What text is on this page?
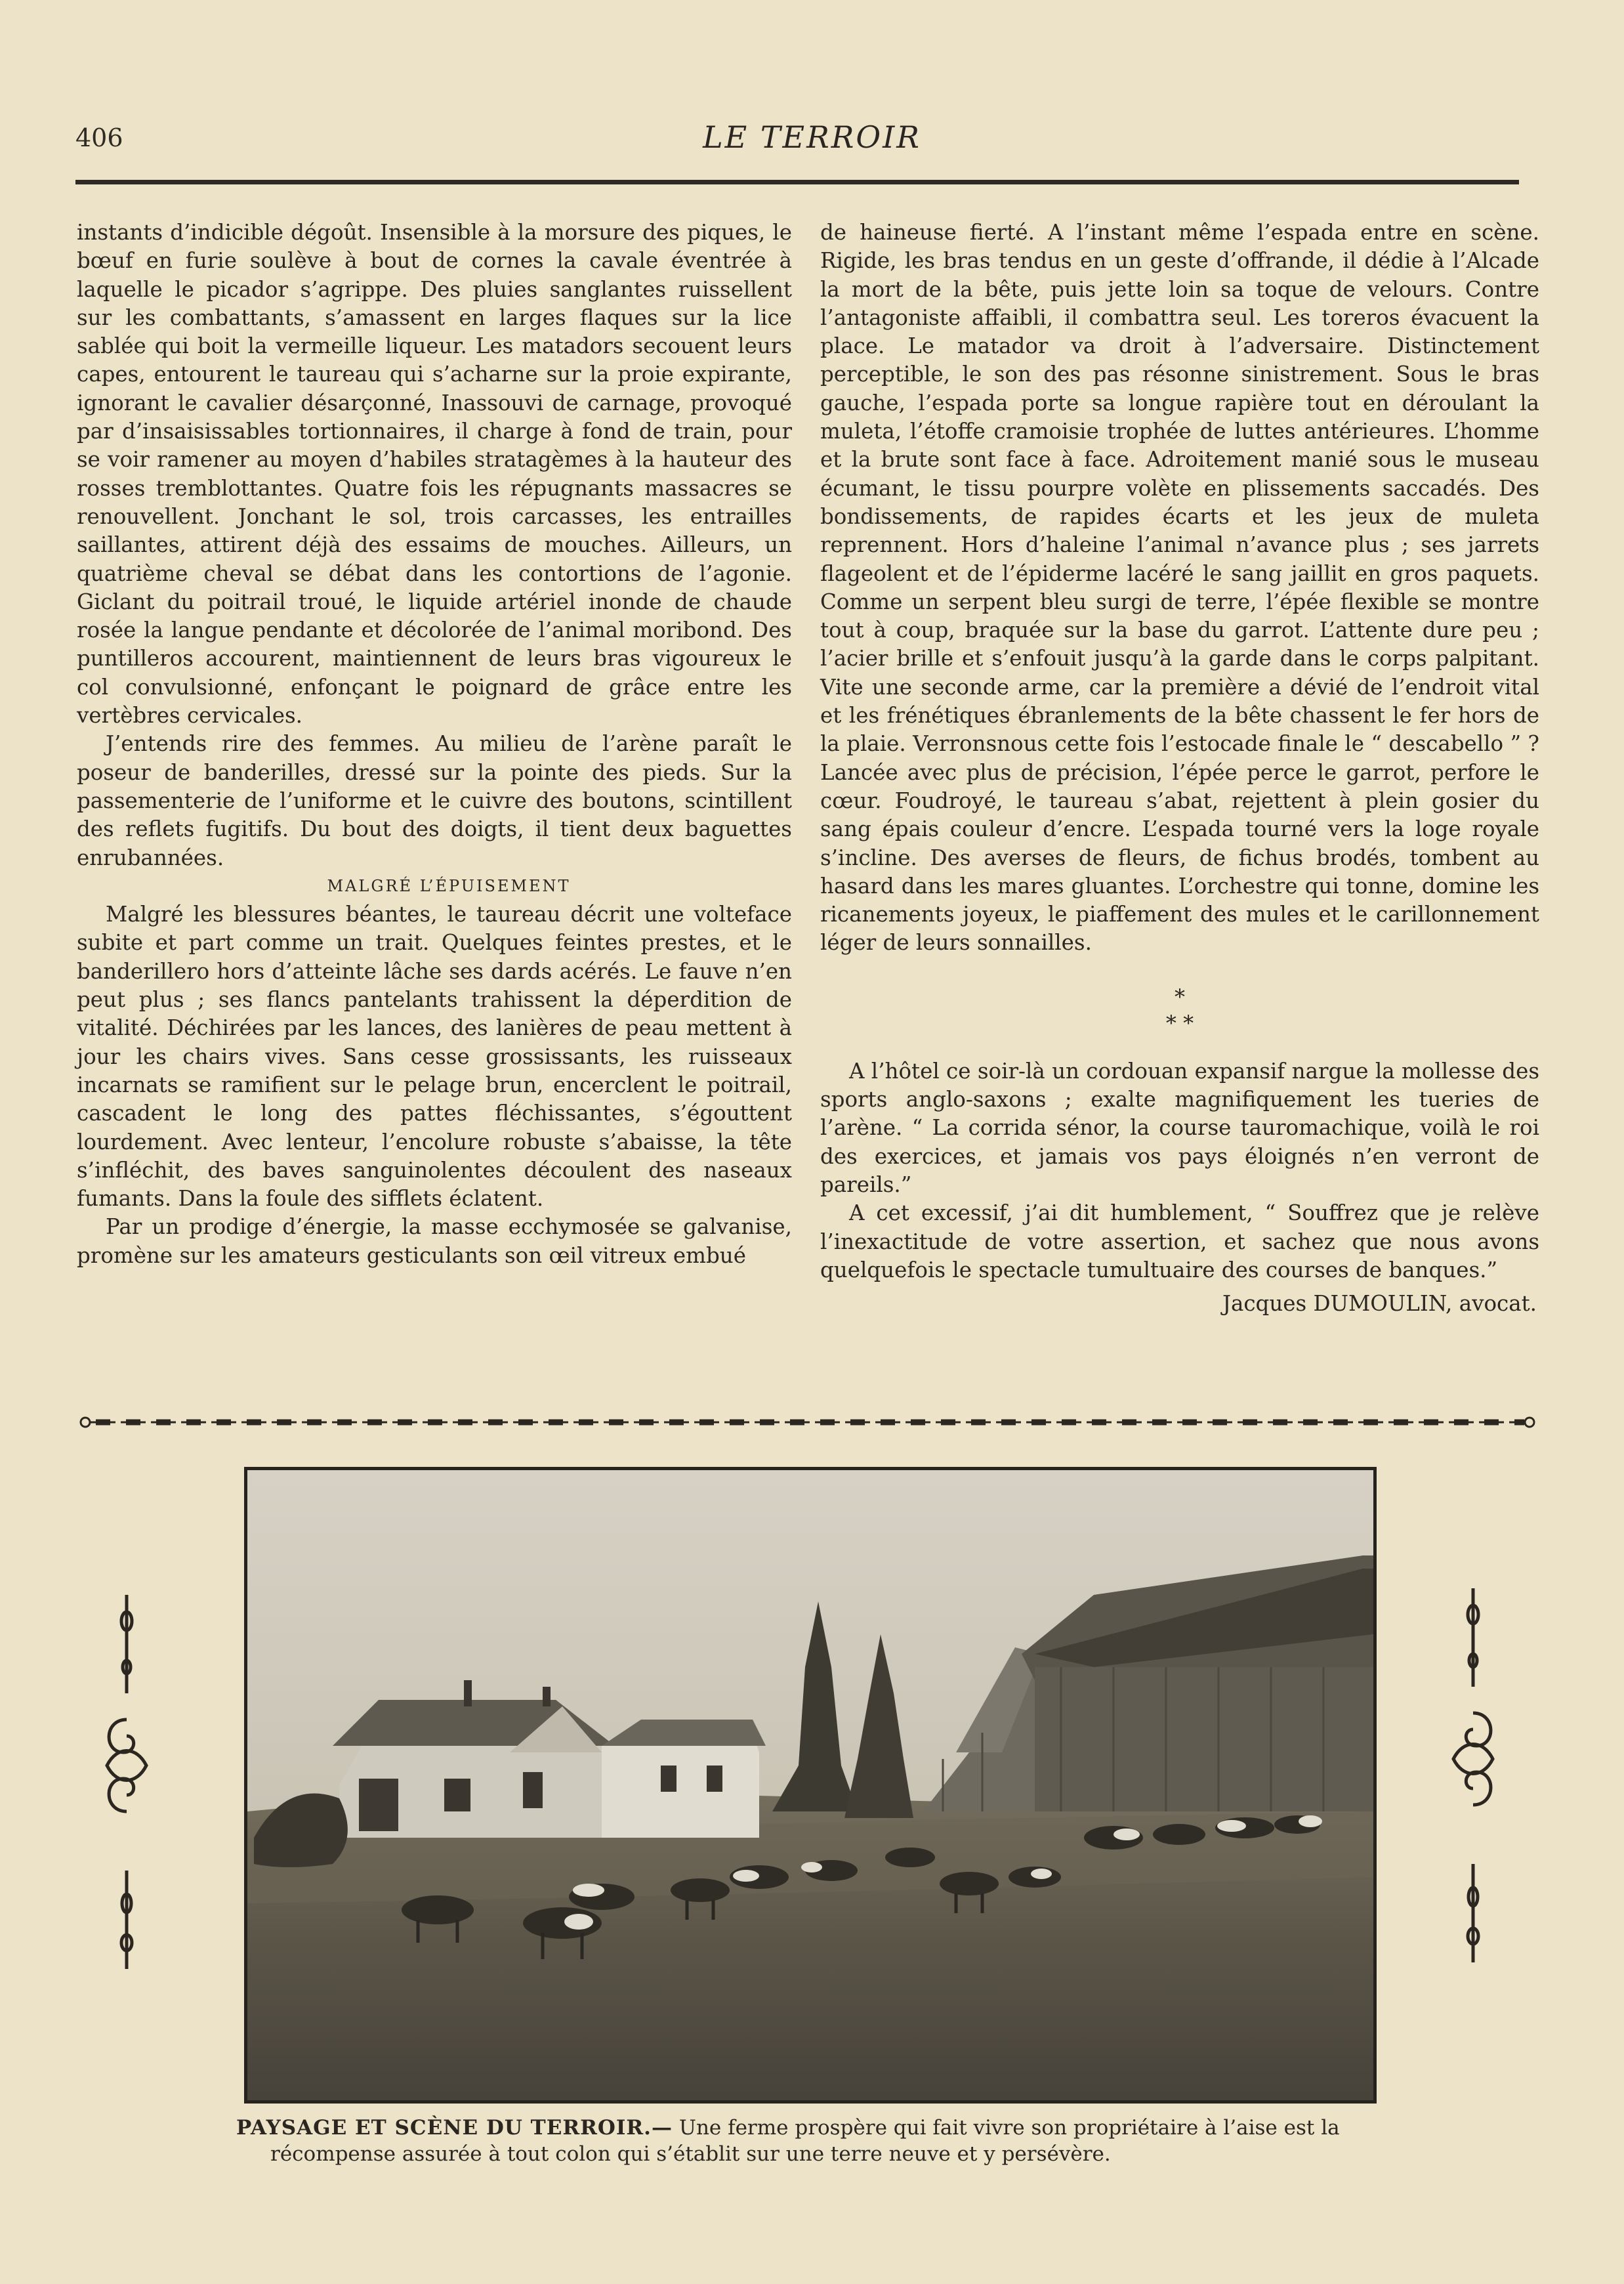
406	LE TERROIR

instants d’indicible dégoût. Insensible à la morsure des piques, le bœuf en furie soulève à bout de cornes la cavale éventrée à laquelle le picador s’agrippe. Des pluies sanglantes ruissellent sur les combattants, s’amassent en larges flaques sur la lice sablée qui boit la vermeille liqueur. Les matadors secouent leurs capes, entourent le taureau qui s’acharne sur la proie expirante, ignorant le cavalier désarçonné, Inassouvi de carnage, provoqué par d’insaisissables tortionnaires, il charge à fond de train, pour se voir ramener au moyen d’habiles stratagèmes à la hauteur des rosses tremblottantes. Quatre fois les répugnants massacres se renouvellent. Jonchant le sol, trois carcasses, les entrailles saillantes, attirent déjà des essaims de mouches. Ailleurs, un quatrième cheval se débat dans les contortions de l’agonie. Giclant du poitrail troué, le liquide artériel inonde de chaude rosée la langue pendante et décolorée de l’animal moribond. Des puntilleros accourent, maintiennent de leurs bras vigoureux le col convulsionné, enfonçant le poignard de grâce entre les vertèbres cervicales.

J’entends rire des femmes. Au milieu de l’arène paraît le poseur de banderilles, dressé sur la pointe des pieds. Sur la passementerie de l’uniforme et le cuivre des boutons, scintillent des reflets fugitifs. Du bout des doigts, il tient deux baguettes enrubannées.

MALGRÉ L’ÉPUISEMENT

Malgré les blessures béantes, le taureau décrit une volteface subite et part comme un trait. Quelques feintes prestes, et le banderillero hors d’atteinte lâche ses dards acérés. Le fauve n’en peut plus ; ses flancs pantelants trahissent la déperdition de vitalité. Déchirées par les lances, des lanières de peau mettent à jour les chairs vives. Sans cesse grossissants, les ruisseaux incarnats se ramifient sur le pelage brun, encerclent le poitrail, cascadent le long des pattes fléchissantes, s’égouttent lourdement. Avec lenteur, l’encolure robuste s’abaisse, la tête s’infléchit, des baves sanguinolentes découlent des naseaux fumants. Dans la foule des sifflets éclatent.

Par un prodige d’énergie, la masse ecchymosée se galvanise, promène sur les amateurs gesticulants son œil vitreux embué

de haineuse fierté. A l’instant même l’espada entre en scène. Rigide, les bras tendus en un geste d’offrande, il dédie à l’Alcade la mort de la bête, puis jette loin sa toque de velours. Contre l’antagoniste affaibli, il combattra seul. Les toreros évacuent la place. Le matador va droit à l’adversaire. Distinctement perceptible, le son des pas résonne sinistrement. Sous le bras gauche, l’espada porte sa longue rapière tout en déroulant la muleta, l’étoffe cramoisie trophée de luttes antérieures. L’homme et la brute sont face à face. Adroitement manié sous le museau écumant, le tissu pourpre volète en plissements saccadés. Des bondissements, de rapides écarts et les jeux de muleta reprennent. Hors d’haleine l’animal n’avance plus ; ses jarrets flageolent et de l’épiderme lacéré le sang jaillit en gros paquets. Comme un serpent bleu surgi de terre, l’épée flexible se montre tout à coup, braquée sur la base du garrot. L’attente dure peu ; l’acier brille et s’enfouit jusqu’à la garde dans le corps palpitant. Vite une seconde arme, car la première a dévié de l’endroit vital et les frénétiques ébranlements de la bête chassent le fer hors de la plaie. Verronsnous cette fois l’estocade finale le “ descabello ” ? Lancée avec plus de précision, l’épée perce le garrot, perfore le cœur. Foudroyé, le taureau s’abat, rejettent à plein gosier du sang épais couleur d’encre. L’espada tourné vers la loge royale s’incline. Des averses de fleurs, de fichus brodés, tombent au hasard dans les mares gluantes. L’orchestre qui tonne, domine les ricanements joyeux, le piaffement des mules et le carillonnement léger de leurs sonnailles.

*
* *

A l’hôtel ce soir-là un cordouan expansif nargue la mollesse des sports anglo-saxons ; exalte magnifiquement les tueries de l’arène. “ La corrida sénor, la course tauromachique, voilà le roi des exercices, et jamais vos pays éloignés n’en verront de pareils.”

A cet excessif, j’ai dit humblement, “ Souffrez que je relève l’inexactitude de votre assertion, et sachez que nous avons quelquefois le spectacle tumultuaire des courses de banques.”

Jacques DUMOULIN, avocat.
PAYSAGE ET SCÈNE DU TERROIR.— Une ferme prospère qui fait vivre son propriétaire à l’aise est la
récompense assurée à tout colon qui s’établit sur une terre neuve et y persévère.
